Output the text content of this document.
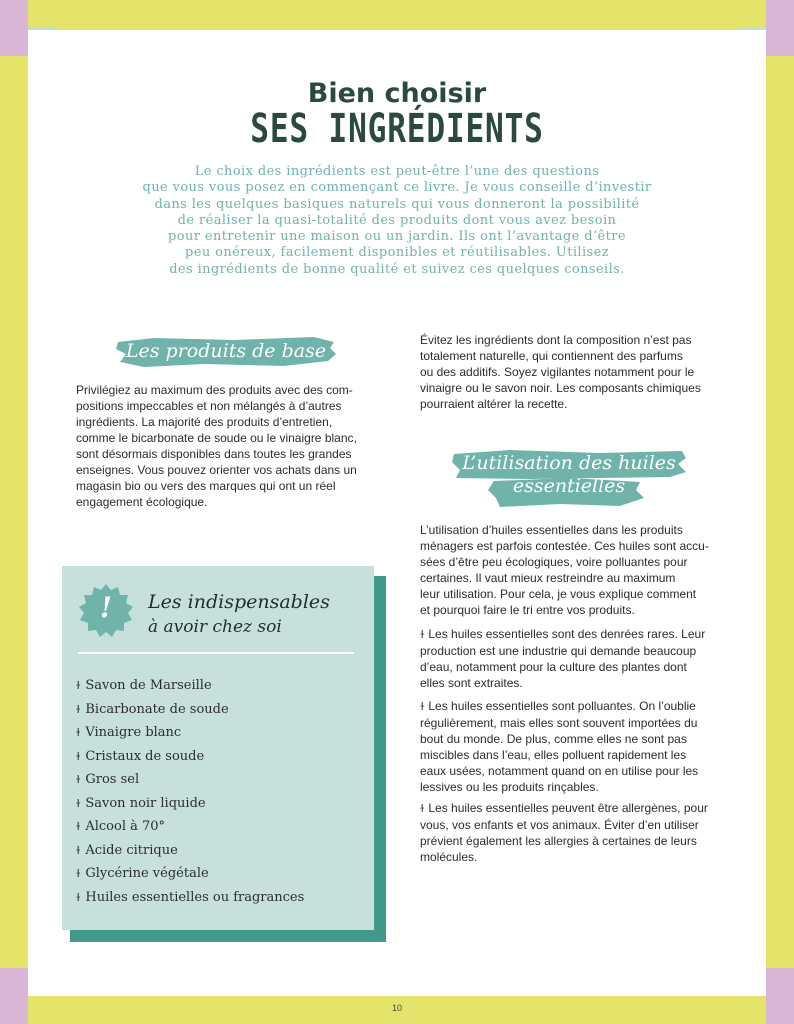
Bien choisir
SES INGRÉDIENTS

Le choix des ingrédients est peut-être l’une des questions
que vous vous posez en commençant ce livre. Je vous conseille d’investir
dans les quelques basiques naturels qui vous donneront la possibilité
de réaliser la quasi-totalité des produits dont vous avez besoin
pour entretenir une maison ou un jardin. Ils ont l’avantage d’être
peu onéreux, facilement disponibles et réutilisables. Utilisez
des ingrédients de bonne qualité et suivez ces quelques conseils.

Les produits de base

Privilégiez au maximum des produits avec des com-
positions impeccables et non mélangés à d’autres
ingrédients. La majorité des produits d’entretien,
comme le bicarbonate de soude ou le vinaigre blanc,
sont désormais disponibles dans toutes les grandes
enseignes. Vous pouvez orienter vos achats dans un
magasin bio ou vers des marques qui ont un réel
engagement écologique.

Évitez les ingrédients dont la composition n’est pas
totalement naturelle, qui contiennent des parfums
ou des additifs. Soyez vigilantes notamment pour le
vinaigre ou le savon noir. Les composants chimiques
pourraient altérer la recette.

L’utilisation des huiles
essentielles

L’utilisation d’huiles essentielles dans les produits
ménagers est parfois contestée. Ces huiles sont accu-
sées d’être peu écologiques, voire polluantes pour
certaines. Il vaut mieux restreindre au maximum
leur utilisation. Pour cela, je vous explique comment
et pourquoi faire le tri entre vos produits.

ɫ Les huiles essentielles sont des denrées rares. Leur
production est une industrie qui demande beaucoup
d’eau, notamment pour la culture des plantes dont
elles sont extraites.

ɫ Les huiles essentielles sont polluantes. On l’oublie
régulièrement, mais elles sont souvent importées du
bout du monde. De plus, comme elles ne sont pas
miscibles dans l’eau, elles polluent rapidement les
eaux usées, notamment quand on en utilise pour les
lessives ou les produits rinçables.

ɫ Les huiles essentielles peuvent être allergènes, pour
vous, vos enfants et vos animaux. Éviter d’en utiliser
prévient également les allergies à certaines de leurs
molécules.

!	Les indispensables
à avoir chez soi

ɫ Savon de Marseille
ɫ Bicarbonate de soude
ɫ Vinaigre blanc
ɫ Cristaux de soude
ɫ Gros sel
ɫ Savon noir liquide
ɫ Alcool à 70°
ɫ Acide citrique
ɫ Glycérine végétale
ɫ Huiles essentielles ou fragrances
10
